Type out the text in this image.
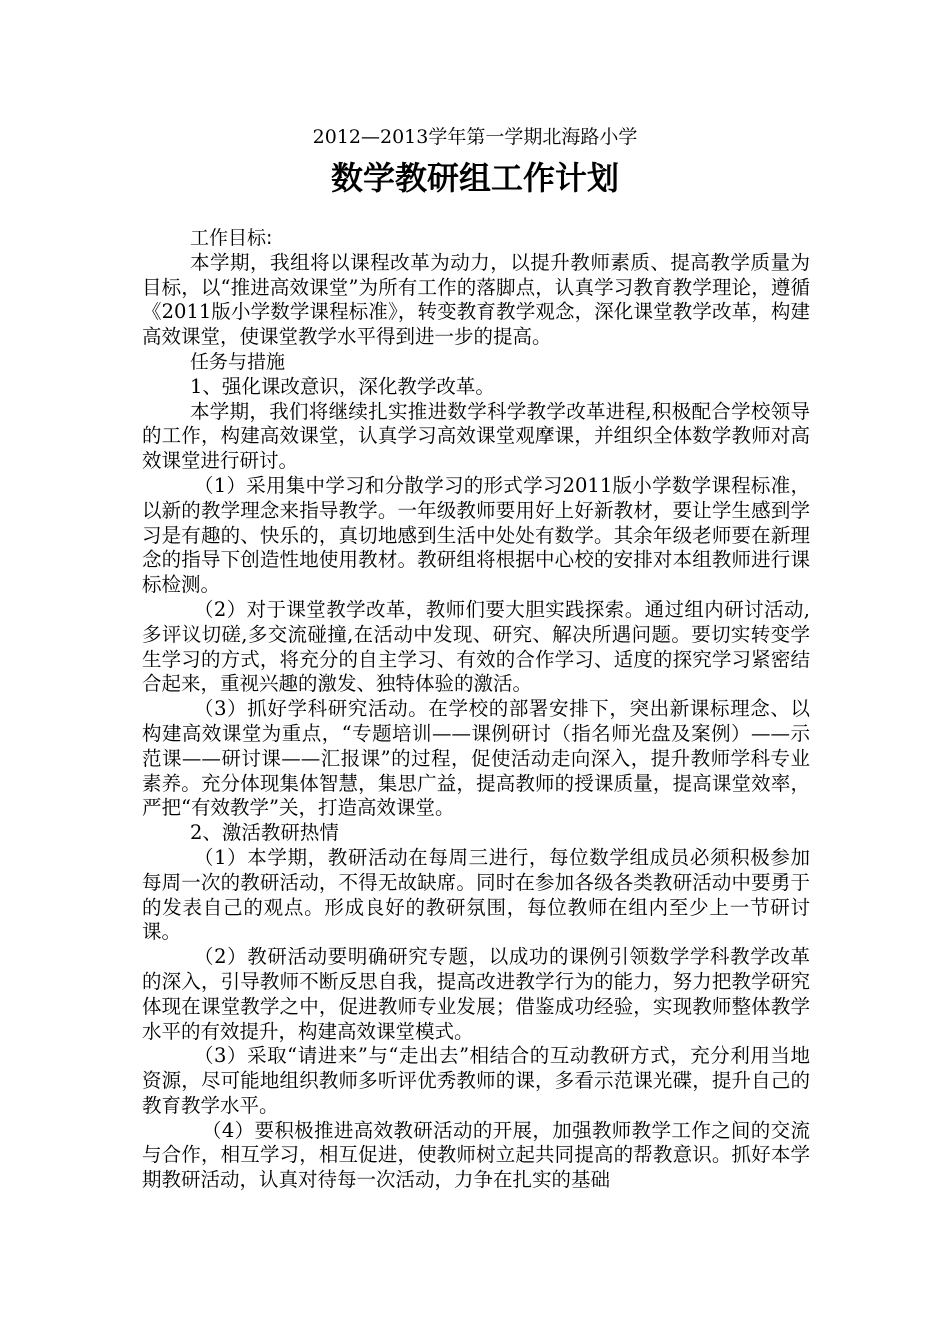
2012—2013学年第一学期北海路小学
数学教研组工作计划

工作目标:

本学期，我组将以课程改革为动力，以提升教师素质、提高教学质量为目标，以“推进高效课堂”为所有工作的落脚点，认真学习教育教学理论，遵循《2011版小学数学课程标准》，转变教育教学观念，深化课堂教学改革，构建高效课堂，使课堂教学水平得到进一步的提高。

任务与措施

1、强化课改意识，深化教学改革。

本学期，我们将继续扎实推进数学科学教学改革进程,积极配合学校领导的工作，构建高效课堂，认真学习高效课堂观摩课，并组织全体数学教师对高效课堂进行研讨。

（1）采用集中学习和分散学习的形式学习2011版小学数学课程标准，以新的教学理念来指导教学。一年级教师要用好上好新教材，要让学生感到学习是有趣的、快乐的，真切地感到生活中处处有数学。其余年级老师要在新理念的指导下创造性地使用教材。教研组将根据中心校的安排对本组教师进行课标检测。

（2）对于课堂教学改革，教师们要大胆实践探索。通过组内研讨活动,多评议切磋,多交流碰撞,在活动中发现、研究、解决所遇问题。要切实转变学生学习的方式，将充分的自主学习、有效的合作学习、适度的探究学习紧密结合起来，重视兴趣的激发、独特体验的激活。

（3）抓好学科研究活动。在学校的部署安排下，突出新课标理念、以构建高效课堂为重点，“专题培训——课例研讨（指名师光盘及案例）——示范课——研讨课——汇报课”的过程，促使活动走向深入，提升教师学科专业素养。充分体现集体智慧，集思广益，提高教师的授课质量，提高课堂效率，严把“有效教学”关，打造高效课堂。

2、激活教研热情

（1）本学期，教研活动在每周三进行，每位数学组成员必须积极参加每周一次的教研活动，不得无故缺席。同时在参加各级各类教研活动中要勇于的发表自己的观点。形成良好的教研氛围，每位教师在组内至少上一节研讨课。

（2）教研活动要明确研究专题，以成功的课例引领数学学科教学改革的深入，引导教师不断反思自我，提高改进教学行为的能力，努力把教学研究体现在课堂教学之中，促进教师专业发展；借鉴成功经验，实现教师整体教学水平的有效提升，构建高效课堂模式。

（3）采取“请进来”与“走出去”相结合的互动教研方式，充分利用当地资源，尽可能地组织教师多听评优秀教师的课，多看示范课光碟，提升自己的教育教学水平。

（4）要积极推进高效教研活动的开展，加强教师教学工作之间的交流与合作，相互学习，相互促进，使教师树立起共同提高的帮教意识。抓好本学期教研活动，认真对待每一次活动，力争在扎实的基础
